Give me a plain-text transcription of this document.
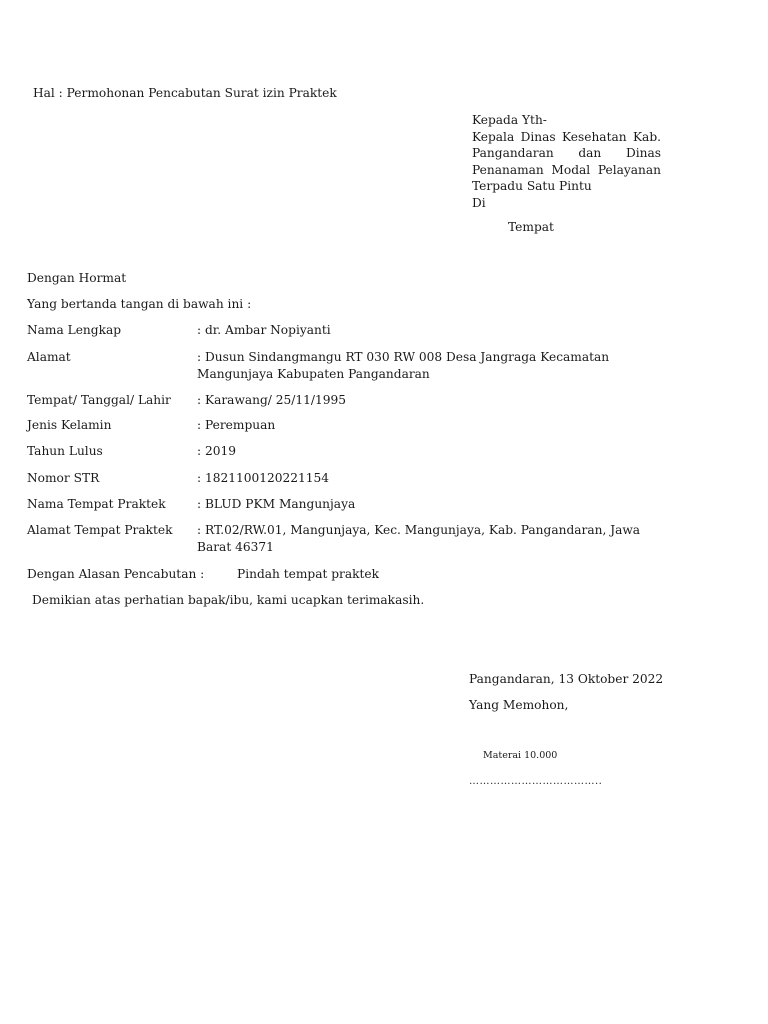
Hal : Permohonan Pencabutan Surat izin Praktek
Kepada Yth-
Kepala Dinas Kesehatan Kab.
Pangandaran dan Dinas
Penanaman Modal Pelayanan
Terpadu Satu Pintu
Di
Tempat
Dengan Hormat
Yang bertanda tangan di bawah ini :
Nama Lengkap	: dr. Ambar Nopiyanti
Alamat	: Dusun Sindangmangu RT 030 RW 008 Desa Jangraga Kecamatan Mangunjaya Kabupaten Pangandaran
Tempat/ Tanggal/ Lahir : Karawang/ 25/11/1995
Jenis Kelamin	: Perempuan
Tahun Lulus	: 2019
Nomor STR	: 1821100120221154
Nama Tempat Praktek	: BLUD PKM Mangunjaya
Alamat Tempat Praktek : RT.02/RW.01, Mangunjaya, Kec. Mangunjaya, Kab. Pangandaran, Jawa Barat 46371
Dengan Alasan Pencabutan :	Pindah tempat praktek
Demikian atas perhatian bapak/ibu, kami ucapkan terimakasih.
Pangandaran, 13 Oktober 2022
Yang Memohon,
Materai 10.000
………………………………..
